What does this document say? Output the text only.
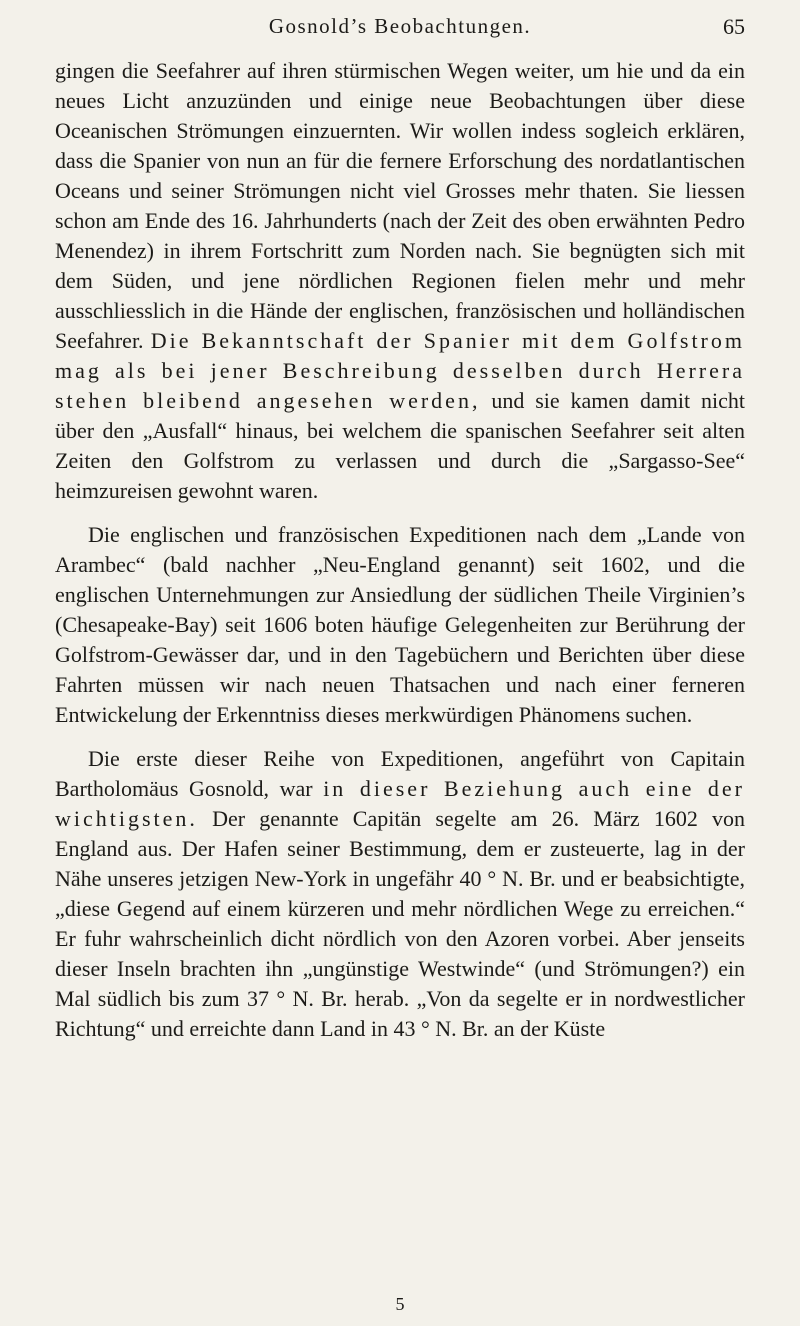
Gosnold’s Beobachtungen.	65

gingen die Seefahrer auf ihren stürmischen Wegen weiter, um hie und da ein neues Licht anzuzünden und einige neue Beobachtungen über diese Oceanischen Strömungen einzuernten. Wir wollen indess sogleich erklären, dass die Spanier von nun an für die fernere Erforschung des nordatlantischen Oceans und seiner Strömungen nicht viel Grosses mehr thaten. Sie liessen schon am Ende des 16. Jahrhunderts (nach der Zeit des oben erwähnten Pedro Menendez) in ihrem Fortschritt zum Norden nach. Sie begnügten sich mit dem Süden, und jene nördlichen Regionen fielen mehr und mehr ausschliesslich in die Hände der englischen, französischen und holländischen Seefahrer. Die Bekanntschaft der Spanier mit dem Golfstrom mag als bei jener Beschreibung desselben durch Herrera stehen bleibend angesehen werden, und sie kamen damit nicht über den „Ausfall“ hinaus, bei welchem die spanischen Seefahrer seit alten Zeiten den Golfstrom zu verlassen und durch die „Sargasso-See“ heimzureisen gewohnt waren.

Die englischen und französischen Expeditionen nach dem „Lande von Arambec“ (bald nachher „Neu-England genannt) seit 1602, und die englischen Unternehmungen zur Ansiedlung der südlichen Theile Virginien’s (Chesapeake-Bay) seit 1606 boten häufige Gelegenheiten zur Berührung der Golfstrom-Gewässer dar, und in den Tagebüchern und Berichten über diese Fahrten müssen wir nach neuen Thatsachen und nach einer ferneren Entwickelung der Erkenntniss dieses merkwürdigen Phänomens suchen.

Die erste dieser Reihe von Expeditionen, angeführt von Capitain Bartholomäus Gosnold, war in dieser Beziehung auch eine der wichtigsten. Der genannte Capitän segelte am 26. März 1602 von England aus. Der Hafen seiner Bestimmung, dem er zusteuerte, lag in der Nähe unseres jetzigen New-York in ungefähr 40 ° N. Br. und er beabsichtigte, „diese Gegend auf einem kürzeren und mehr nördlichen Wege zu erreichen.“ Er fuhr wahrscheinlich dicht nördlich von den Azoren vorbei. Aber jenseits dieser Inseln brachten ihn „ungünstige Westwinde“ (und Strömungen?) ein Mal südlich bis zum 37 ° N. Br. herab. „Von da segelte er in nordwestlicher Richtung“ und erreichte dann Land in 43 ° N. Br. an der Küste

5
